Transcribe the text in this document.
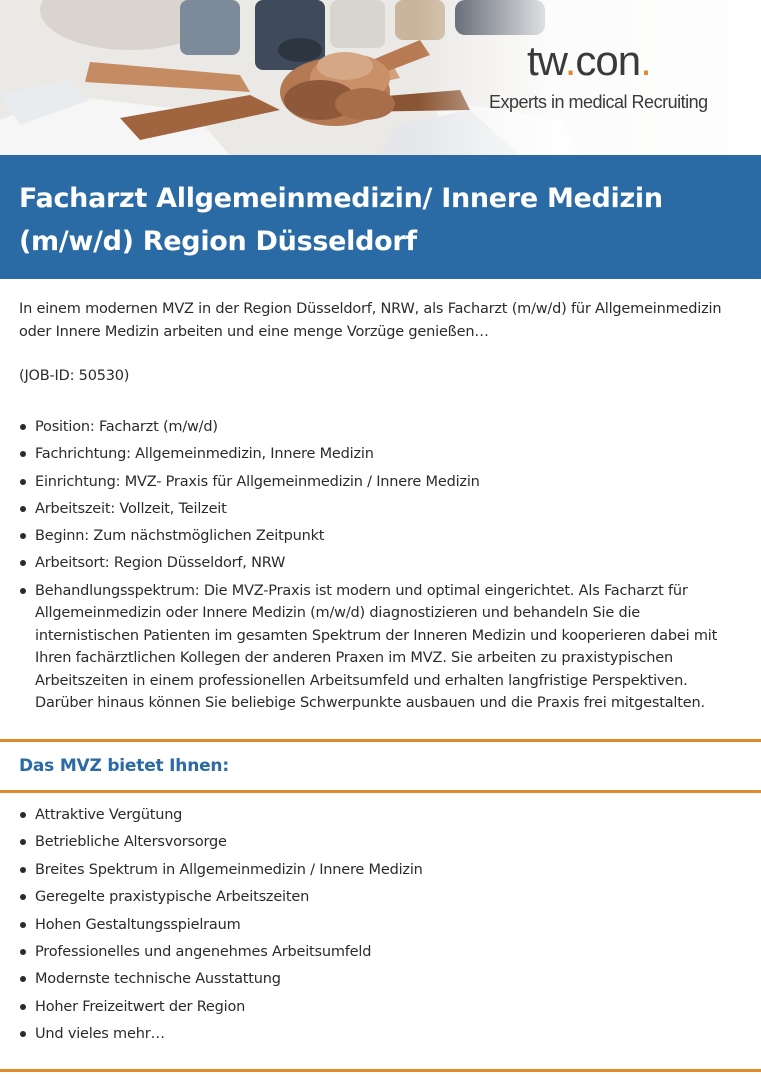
tw.con.
Experts in medical Recruiting
Facharzt Allgemeinmedizin/ Innere Medizin (m/w/d) Region Düsseldorf

In einem modernen MVZ in der Region Düsseldorf, NRW, als Facharzt (m/w/d) für Allgemeinmedizin oder Innere Medizin arbeiten und eine menge Vorzüge genießen…

(JOB-ID: 50530)
Position: Facharzt (m/w/d)
Fachrichtung: Allgemeinmedizin, Innere Medizin
Einrichtung: MVZ- Praxis für Allgemeinmedizin / Innere Medizin
Arbeitszeit: Vollzeit, Teilzeit
Beginn: Zum nächstmöglichen Zeitpunkt
Arbeitsort: Region Düsseldorf, NRW
Behandlungsspektrum: Die MVZ-Praxis ist modern und optimal eingerichtet. Als Facharzt für Allgemeinmedizin oder Innere Medizin (m/w/d) diagnostizieren und behandeln Sie die internistischen Patienten im gesamten Spektrum der Inneren Medizin und kooperieren dabei mit Ihren fachärztlichen Kollegen der anderen Praxen im MVZ. Sie arbeiten zu praxistypischen Arbeitszeiten in einem professionellen Arbeitsumfeld und erhalten langfristige Perspektiven. Darüber hinaus können Sie beliebige Schwerpunkte ausbauen und die Praxis frei mitgestalten.
Das MVZ bietet Ihnen:
Attraktive Vergütung
Betriebliche Altersvorsorge
Breites Spektrum in Allgemeinmedizin / Innere Medizin
Geregelte praxistypische Arbeitszeiten
Hohen Gestaltungsspielraum
Professionelles und angenehmes Arbeitsumfeld
Modernste technische Ausstattung
Hoher Freizeitwert der Region
Und vieles mehr…
